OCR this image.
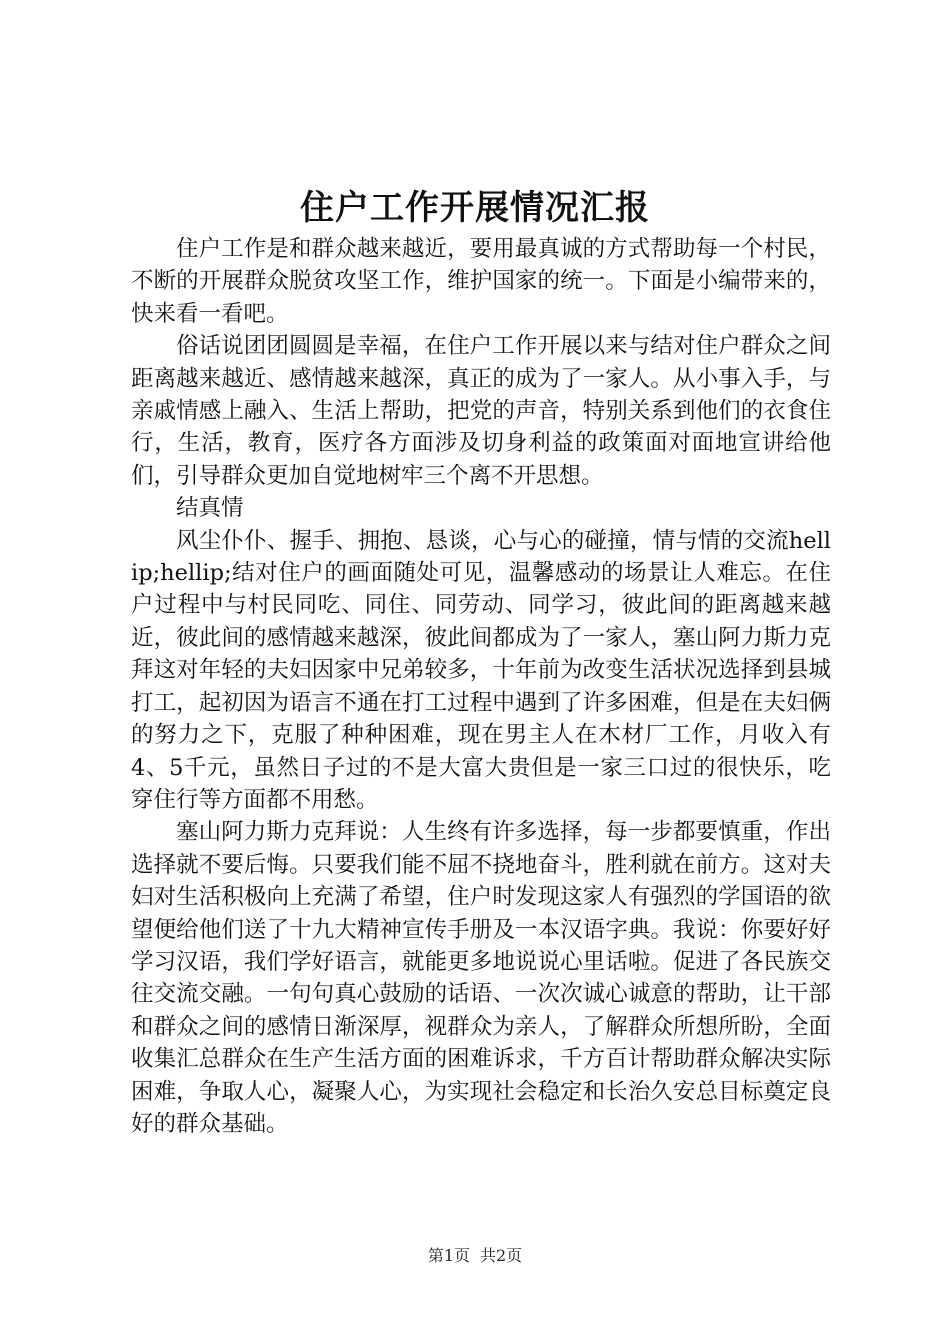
住户工作开展情况汇报

住户工作是和群众越来越近，要用最真诚的方式帮助每一个村民，不断的开展群众脱贫攻坚工作，维护国家的统一。下面是小编带来的，快来看一看吧。

俗话说团团圆圆是幸福，在住户工作开展以来与结对住户群众之间距离越来越近、感情越来越深，真正的成为了一家人。从小事入手，与亲戚情感上融入、生活上帮助，把党的声音，特别关系到他们的衣食住行，生活，教育，医疗各方面涉及切身利益的政策面对面地宣讲给他们，引导群众更加自觉地树牢三个离不开思想。

结真情

风尘仆仆、握手、拥抱、恳谈，心与心的碰撞，情与情的交流hellip;hellip;结对住户的画面随处可见，温馨感动的场景让人难忘。在住户过程中与村民同吃、同住、同劳动、同学习，彼此间的距离越来越近，彼此间的感情越来越深，彼此间都成为了一家人，塞山阿力斯力克拜这对年轻的夫妇因家中兄弟较多，十年前为改变生活状况选择到县城打工，起初因为语言不通在打工过程中遇到了许多困难，但是在夫妇俩的努力之下，克服了种种困难，现在男主人在木材厂工作，月收入有4、5千元，虽然日子过的不是大富大贵但是一家三口过的很快乐，吃穿住行等方面都不用愁。

塞山阿力斯力克拜说：人生终有许多选择，每一步都要慎重，作出选择就不要后悔。只要我们能不屈不挠地奋斗，胜利就在前方。这对夫妇对生活积极向上充满了希望，住户时发现这家人有强烈的学国语的欲望便给他们送了十九大精神宣传手册及一本汉语字典。我说：你要好好学习汉语，我们学好语言，就能更多地说说心里话啦。促进了各民族交往交流交融。一句句真心鼓励的话语、一次次诚心诚意的帮助，让干部和群众之间的感情日渐深厚，视群众为亲人，了解群众所想所盼，全面收集汇总群众在生产生活方面的困难诉求，千方百计帮助群众解决实际困难，争取人心，凝聚人心，为实现社会稳定和长治久安总目标奠定良好的群众基础。

第1页 共2页
